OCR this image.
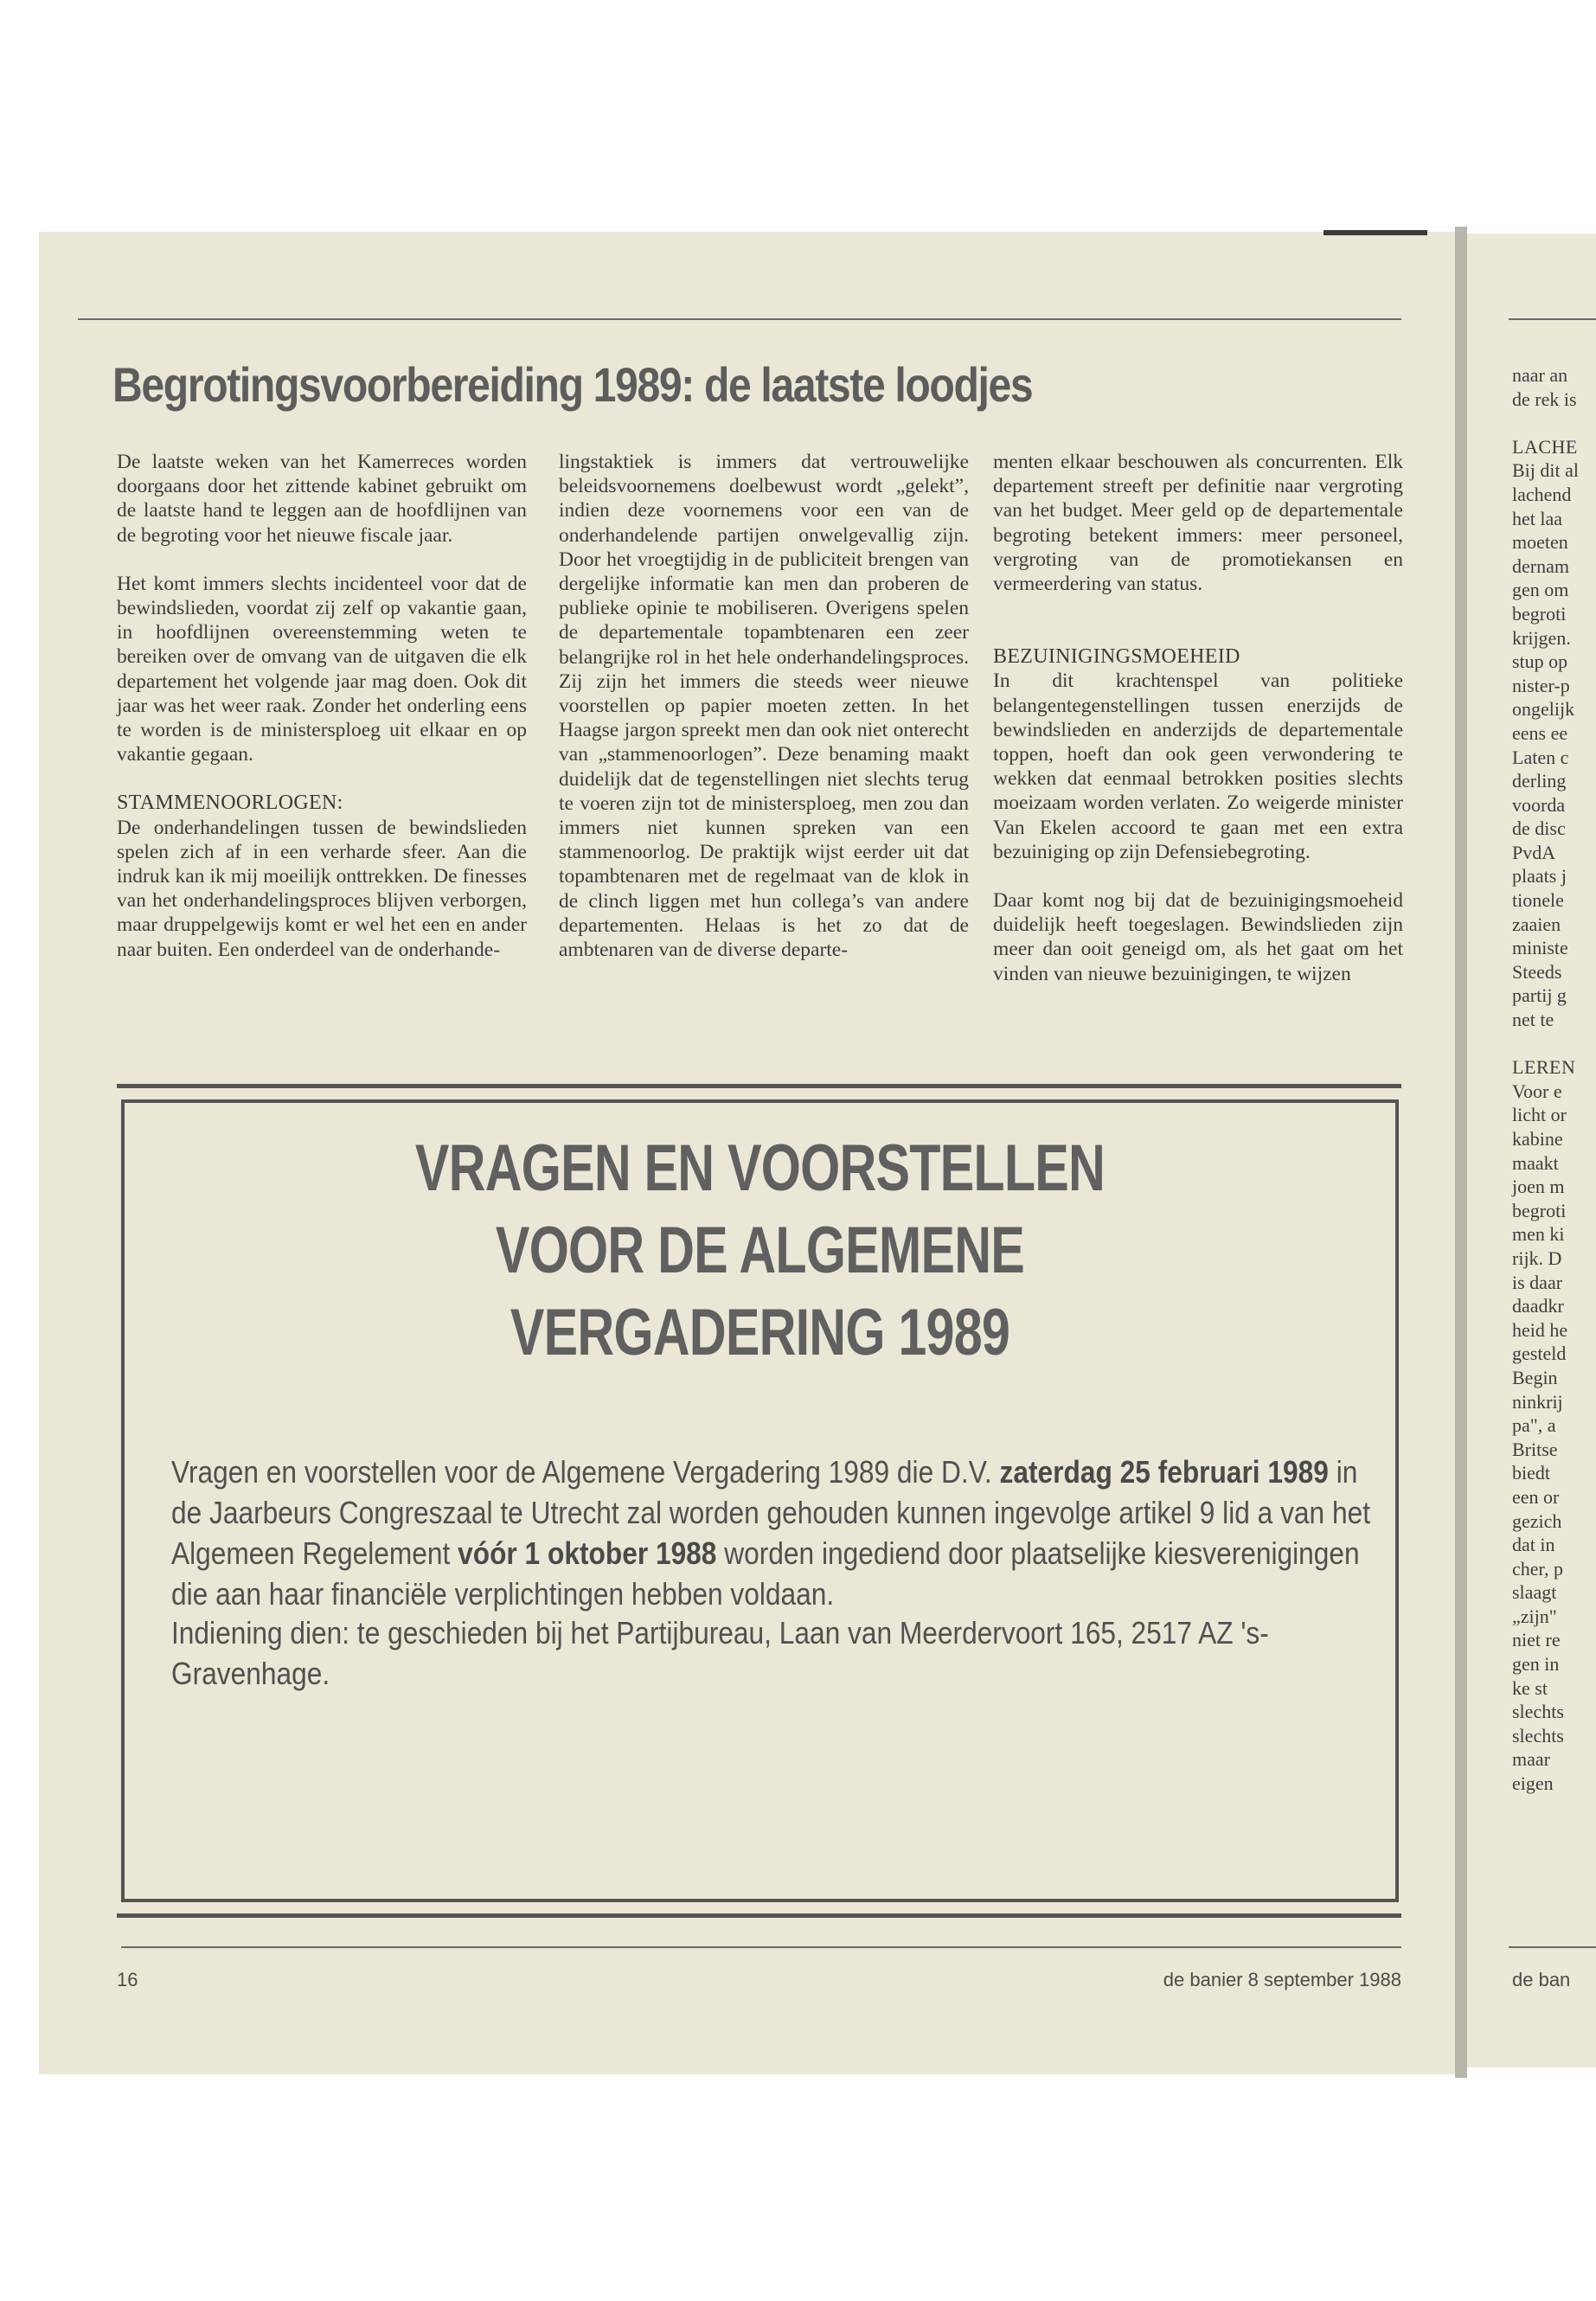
Begrotingsvoorbereiding 1989: de laatste loodjes

De laatste weken van het Kamerreces worden doorgaans door het zittende kabinet gebruikt om de laatste hand te leggen aan de hoofdlijnen van de begroting voor het nieuwe fiscale jaar.

Het komt immers slechts incidenteel voor dat de bewindslieden, voordat zij zelf op vakantie gaan, in hoofdlijnen overeenstemming weten te bereiken over de omvang van de uitgaven die elk departement het volgende jaar mag doen. Ook dit jaar was het weer raak. Zonder het onderling eens te worden is de ministersploeg uit elkaar en op vakantie gegaan.

STAMMENOORLOGEN:

De onderhandelingen tussen de bewindslieden spelen zich af in een verharde sfeer. Aan die indruk kan ik mij moeilijk onttrekken. De finesses van het onderhandelingsproces blijven verborgen, maar druppelgewijs komt er wel het een en ander naar buiten. Een onderdeel van de onderhande-

lingstaktiek is immers dat vertrouwelijke beleidsvoornemens doelbewust wordt „gelekt”, indien deze voornemens voor een van de onderhandelende partijen onwelgevallig zijn. Door het vroegtijdig in de publiciteit brengen van dergelijke informatie kan men dan proberen de publieke opinie te mobiliseren. Overigens spelen de departementale topambtenaren een zeer belangrijke rol in het hele onderhandelingsproces. Zij zijn het immers die steeds weer nieuwe voorstellen op papier moeten zetten. In het Haagse jargon spreekt men dan ook niet onterecht van „stammenoorlogen”. Deze benaming maakt duidelijk dat de tegenstellingen niet slechts terug te voeren zijn tot de ministersploeg, men zou dan immers niet kunnen spreken van een stammenoorlog. De praktijk wijst eerder uit dat topambtenaren met de regelmaat van de klok in de clinch liggen met hun collega’s van andere departementen. Helaas is het zo dat de ambtenaren van de diverse departe-

menten elkaar beschouwen als concurrenten. Elk departement streeft per definitie naar vergroting van het budget. Meer geld op de departementale begroting betekent immers: meer personeel, vergroting van de promotiekansen en vermeerdering van status.

BEZUINIGINGSMOEHEID

In dit krachtenspel van politieke belangentegenstellingen tussen enerzijds de bewindslieden en anderzijds de departementale toppen, hoeft dan ook geen verwondering te wekken dat eenmaal betrokken posities slechts moeizaam worden verlaten. Zo weigerde minister Van Ekelen accoord te gaan met een extra bezuiniging op zijn Defensiebegroting.

Daar komt nog bij dat de bezuinigingsmoeheid duidelijk heeft toegeslagen. Bewindslieden zijn meer dan ooit geneigd om, als het gaat om het vinden van nieuwe bezuinigingen, te wijzen

VRAGEN EN VOORSTELLEN
VOOR DE ALGEMENE
VERGADERING 1989
Vragen en voorstellen voor de Algemene Vergadering 1989 die D.V. zaterdag 25 februari 1989 in de Jaarbeurs Congreszaal te Utrecht zal worden gehouden kunnen ingevolge artikel 9 lid a van het Algemeen Regelement vóór 1 oktober 1988 worden ingediend door plaatselijke kiesverenigingen die aan haar financiële verplichtingen hebben voldaan.
Indiening dien: te geschieden bij het Partijbureau, Laan van Meerdervoort 165, 2517 AZ 's-Gravenhage.
16	de banier 8 september 1988
naar an
de rek is

LACHE
Bij dit al
lachend
het laa
moeten
dernam
gen om
begroti
krijgen.
stup op
nister-p
ongelijk
eens ee
Laten c
derling
voorda
de disc
PvdA
plaats j
tionele
zaaien
ministe
Steeds
partij g
net te

LEREN
Voor e
licht or
kabine
maakt
joen m
begroti
men ki
rijk. D
is daar
daadkr
heid he
gesteld
Begin
ninkrij
pa", a
Britse
biedt
een or
gezich
dat in
cher, p
slaagt
„zijn"
niet re
gen in
ke st
slechts
slechts
maar
eigen
de ban
